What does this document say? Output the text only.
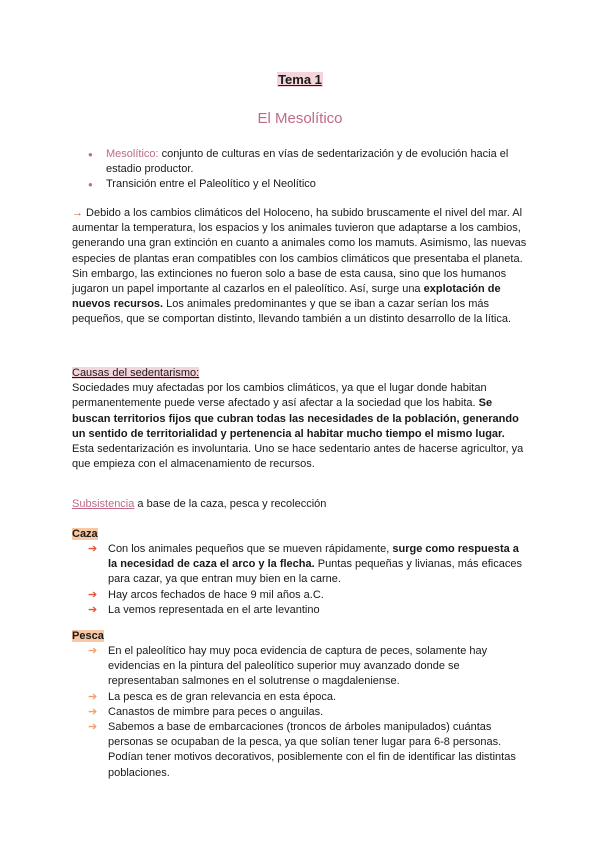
Tema 1
El Mesolítico
● Mesolítico: conjunto de culturas en vías de sedentarización y de evolución hacia el estadio productor.
● Transición entre el Paleolítico y el Neolítico
→ Debido a los cambios climáticos del Holoceno, ha subido bruscamente el nivel del mar. Al aumentar la temperatura, los espacios y los animales tuvieron que adaptarse a los cambios, generando una gran extinción en cuanto a animales como los mamuts. Asimismo, las nuevas especies de plantas eran compatibles con los cambios climáticos que presentaba el planeta. Sin embargo, las extinciones no fueron solo a base de esta causa, sino que los humanos jugaron un papel importante al cazarlos en el paleolítico. Así, surge una explotación de nuevos recursos. Los animales predominantes y que se iban a cazar serían los más pequeños, que se comportan distinto, llevando también a un distinto desarrollo de la lítica.
Causas del sedentarismo:
Sociedades muy afectadas por los cambios climáticos, ya que el lugar donde habitan permanentemente puede verse afectado y así afectar a la sociedad que los habita. Se buscan territorios fijos que cubran todas las necesidades de la población, generando un sentido de territorialidad y pertenencia al habitar mucho tiempo el mismo lugar. Esta sedentarización es involuntaria. Uno se hace sedentario antes de hacerse agricultor, ya que empieza con el almacenamiento de recursos.
Subsistencia a base de la caza, pesca y recolección
Caza
➔ Con los animales pequeños que se mueven rápidamente, surge como respuesta a la necesidad de caza el arco y la flecha. Puntas pequeñas y livianas, más eficaces para cazar, ya que entran muy bien en la carne.
➔ Hay arcos fechados de hace 9 mil años a.C.
➔ La vemos representada en el arte levantino
Pesca
➔ En el paleolítico hay muy poca evidencia de captura de peces, solamente hay evidencias en la pintura del paleolítico superior muy avanzado donde se representaban salmones en el solutrense o magdaleniense.
➔ La pesca es de gran relevancia en esta época.
➔ Canastos de mimbre para peces o anguilas.
➔ Sabemos a base de embarcaciones (troncos de árboles manipulados) cuántas personas se ocupaban de la pesca, ya que solían tener lugar para 6-8 personas. Podían tener motivos decorativos, posiblemente con el fin de identificar las distintas poblaciones.
